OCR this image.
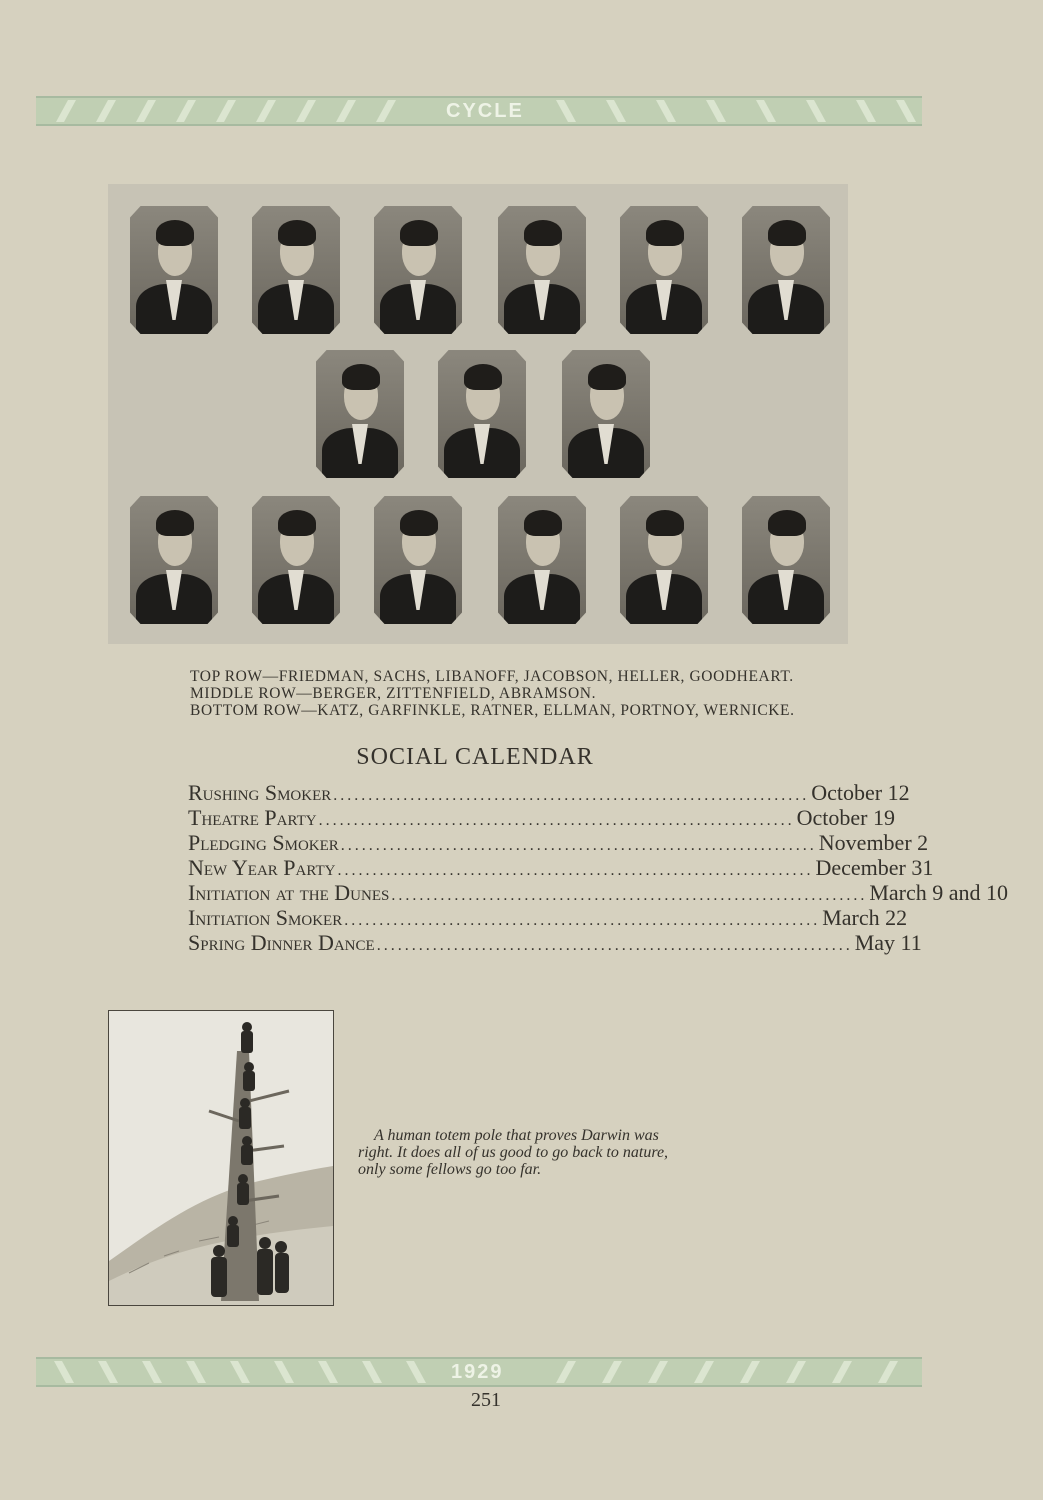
CYCLE
TOP ROW—FRIEDMAN, SACHS, LIBANOFF, JACOBSON, HELLER, GOODHEART.
MIDDLE ROW—BERGER, ZITTENFIELD, ABRAMSON.
BOTTOM ROW—KATZ, GARFINKLE, RATNER, ELLMAN, PORTNOY, WERNICKE.
SOCIAL CALENDAR
Rushing Smoker .................................................................... October 12
Theatre Party .................................................................... October 19
Pledging Smoker .................................................................... November 2
New Year Party .................................................................... December 31
Initiation at the Dunes .................................................................... March 9 and 10
Initiation Smoker .................................................................... March 22
Spring Dinner Dance .................................................................... May 11
A human totem pole that proves Darwin was
right. It does all of us good to go back to nature,
only some fellows go too far.
1929
251
